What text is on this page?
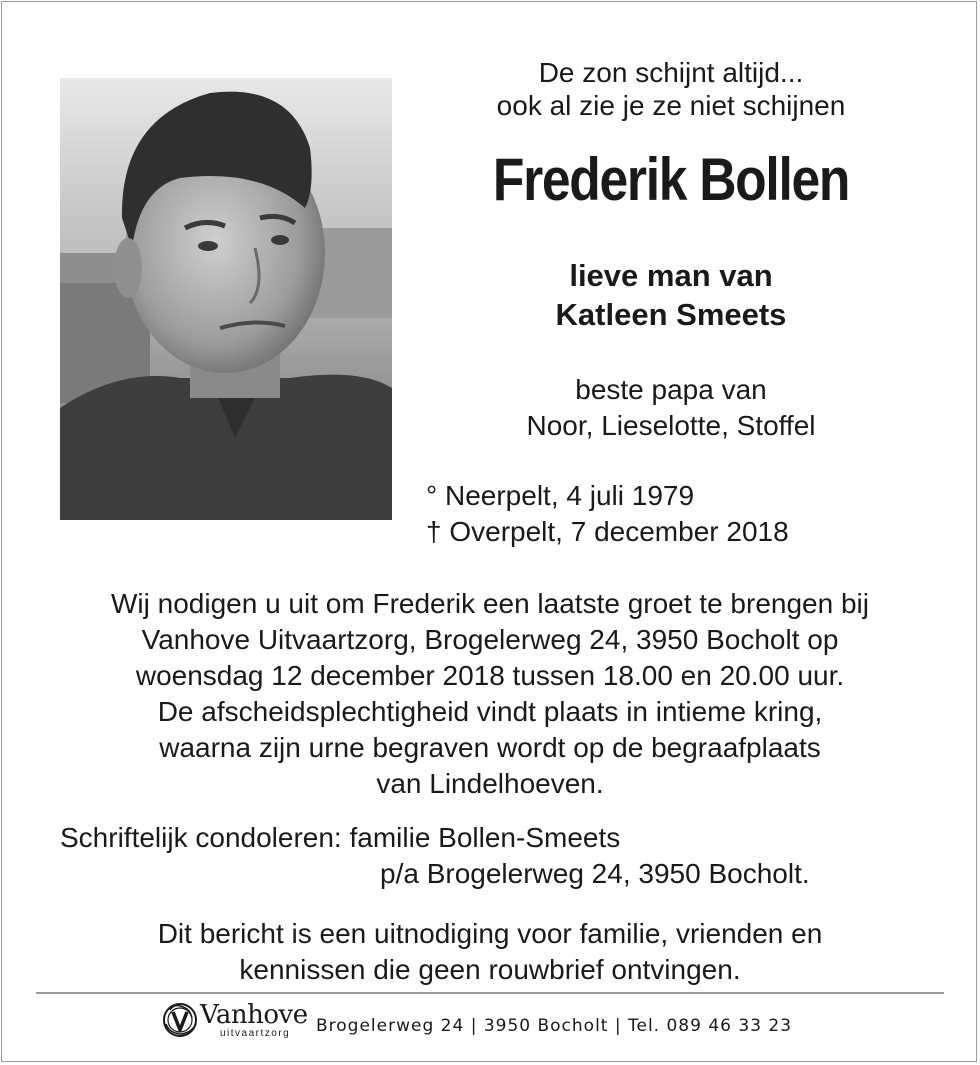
De zon schijnt altijd...
ook al zie je ze niet schijnen
Frederik Bollen
lieve man van
Katleen Smeets
beste papa van
Noor, Lieselotte, Stoffel
° Neerpelt, 4 juli 1979
† Overpelt, 7 december 2018
Wij nodigen u uit om Frederik een laatste groet te brengen bij
Vanhove Uitvaartzorg, Brogelerweg 24, 3950 Bocholt op
woensdag 12 december 2018 tussen 18.00 en 20.00 uur.
De afscheidsplechtigheid vindt plaats in intieme kring,
waarna zijn urne begraven wordt op de begraafplaats
van Lindelhoeven.
Schriftelijk condoleren: familie Bollen-Smeets
p/a Brogelerweg 24, 3950 Bocholt.
Dit bericht is een uitnodiging voor familie, vrienden en
kennissen die geen rouwbrief ontvingen.
Vanhove
uitvaartzorg Brogelerweg 24 | 3950 Bocholt | Tel. 089 46 33 23
